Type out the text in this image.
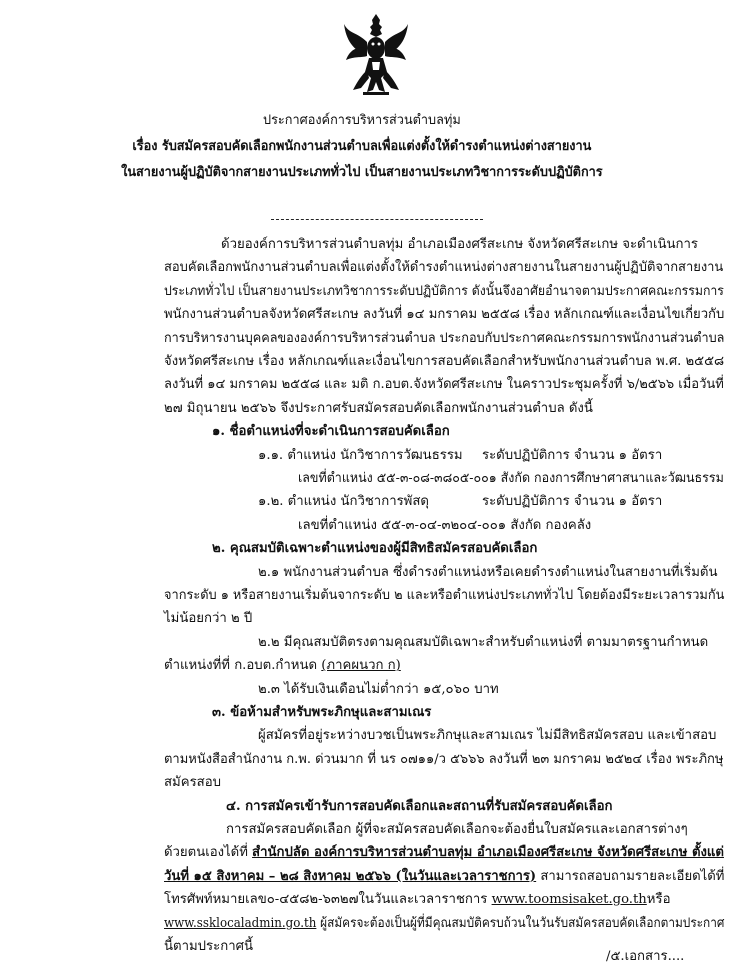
ประกาศองค์การบริหารส่วนตำบลทุ่ม
เรื่อง รับสมัครสอบคัดเลือกพนักงานส่วนตำบลเพื่อแต่งตั้งให้ดำรงตำแหน่งต่างสายงาน
ในสายงานผู้ปฏิบัติจากสายงานประเภททั่วไป เป็นสายงานประเภทวิชาการระดับปฏิบัติการ
ด้วยองค์การบริหารส่วนตำบลทุ่ม อำเภอเมืองศรีสะเกษ จังหวัดศรีสะเกษ จะดำเนินการ
สอบคัดเลือกพนักงานส่วนตำบลเพื่อแต่งตั้งให้ดำรงตำแหน่งต่างสายงานในสายงานผู้ปฏิบัติจากสายงาน
ประเภททั่วไป เป็นสายงานประเภทวิชาการระดับปฏิบัติการ ดังนั้นจึงอาศัยอำนาจตามประกาศคณะกรรมการ
พนักงานส่วนตำบลจังหวัดศรีสะเกษ ลงวันที่ ๑๔ มกราคม ๒๕๕๘ เรื่อง หลักเกณฑ์และเงื่อนไขเกี่ยวกับ
การบริหารงานบุคคลขององค์การบริหารส่วนตำบล ประกอบกับประกาศคณะกรรมการพนักงานส่วนตำบล
จังหวัดศรีสะเกษ เรื่อง หลักเกณฑ์และเงื่อนไขการสอบคัดเลือกสำหรับพนักงานส่วนตำบล พ.ศ. ๒๕๕๘
ลงวันที่ ๑๔ มกราคม ๒๕๕๘ และ มติ ก.อบต.จังหวัดศรีสะเกษ ในคราวประชุมครั้งที่ ๖/๒๕๖๖ เมื่อวันที่
๒๗ มิถุนายน ๒๕๖๖ จึงประกาศรับสมัครสอบคัดเลือกพนักงานส่วนตำบล ดังนี้
๑. ชื่อตำแหน่งที่จะดำเนินการสอบคัดเลือก
๑.๑. ตำแหน่ง นักวิชาการวัฒนธรรม ระดับปฏิบัติการ จำนวน ๑ อัตรา
เลขที่ตำแหน่ง ๕๕-๓-๐๘-๓๘๐๕-๐๐๑ สังกัด กองการศึกษาศาสนาและวัฒนธรรม
๑.๒. ตำแหน่ง นักวิชาการพัสดุ	ระดับปฏิบัติการ จำนวน ๑ อัตรา
เลขที่ตำแหน่ง ๕๕-๓-๐๔-๓๒๐๔-๐๐๑ สังกัด กองคลัง
๒. คุณสมบัติเฉพาะตำแหน่งของผู้มีสิทธิสมัครสอบคัดเลือก
๒.๑ พนักงานส่วนตำบล ซึ่งดำรงตำแหน่งหรือเคยดำรงตำแหน่งในสายงานที่เริ่มต้น
จากระดับ ๑ หรือสายงานเริ่มต้นจากระดับ ๒ และหรือตำแหน่งประเภททั่วไป โดยต้องมีระยะเวลารวมกัน
ไม่น้อยกว่า ๒ ปี
๒.๒ มีคุณสมบัติตรงตามคุณสมบัติเฉพาะสำหรับตำแหน่งที่ ตามมาตรฐานกำหนด
ตำแหน่งที่ที่ ก.อบต.กำหนด (ภาคผนวก ก)
๒.๓ ได้รับเงินเดือนไม่ต่ำกว่า ๑๕,๐๖๐ บาท
๓. ข้อห้ามสำหรับพระภิกษุและสามเณร
ผู้สมัครที่อยู่ระหว่างบวชเป็นพระภิกษุและสามเณร ไม่มีสิทธิสมัครสอบ และเข้าสอบ
ตามหนังสือสำนักงาน ก.พ. ด่วนมาก ที่ นร ๐๗๑๑/ว ๕๖๖๖ ลงวันที่ ๒๓ มกราคม ๒๕๒๔ เรื่อง พระภิกษุ
สมัครสอบ
๔. การสมัครเข้ารับการสอบคัดเลือกและสถานที่รับสมัครสอบคัดเลือก
การสมัครสอบคัดเลือก ผู้ที่จะสมัครสอบคัดเลือกจะต้องยื่นใบสมัครและเอกสารต่างๆ
ด้วยตนเองได้ที่ สำนักปลัด องค์การบริหารส่วนตำบลทุ่ม อำเภอเมืองศรีสะเกษ จังหวัดศรีสะเกษ ตั้งแต่
วันที่ ๑๕ สิงหาคม – ๒๘ สิงหาคม ๒๕๖๖ (ในวันและเวลาราชการ) สามารถสอบถามรายละเอียดได้ที่
โทรศัพท์หมายเลข๐-๔๕๘๒-๖๓๒๗ในวันและเวลาราชการ www.toomsisaket.go.thหรือ
www.ssklocaladmin.go.th ผู้สมัครจะต้องเป็นผู้ที่มีคุณสมบัติครบถ้วนในวันรับสมัครสอบคัดเลือกตามประกาศ
นี้ตามประกาศนี้
/๕.เอกสาร....
